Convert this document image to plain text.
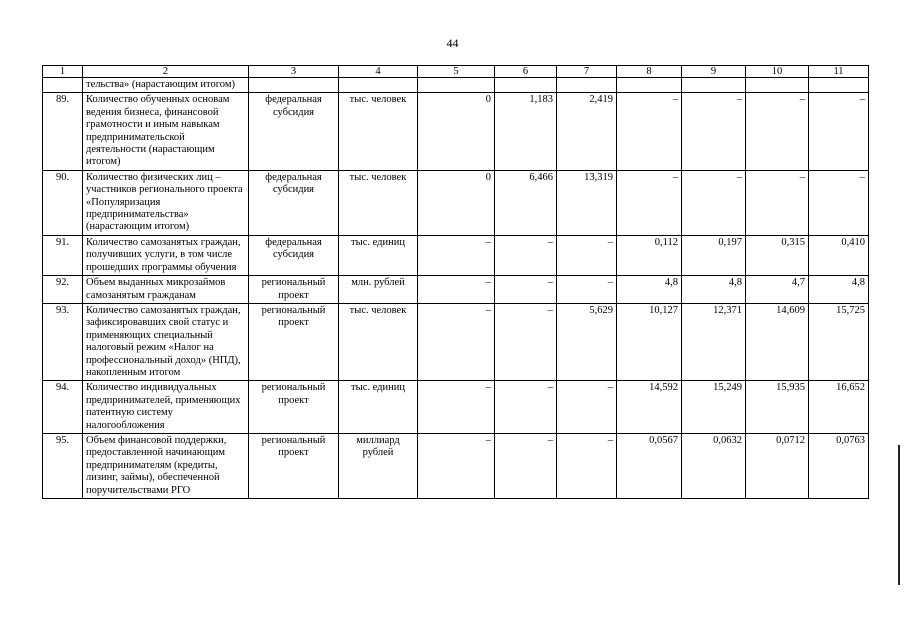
44
1	2	3	4	5	6	7	8	9	10	11
	тельства» (нарастающим итогом)									
89.	Количество обученных основам ведения бизнеса, финансовой грамотности и иным навыкам предпринимательской деятельности (нарастающим итогом)	федеральная субсидия	тыс. человек	0	1,183	2,419	–	–	–	–
90.	Количество физических лиц – участников регионального проекта «Популяризация предпринимательства» (нарастающим итогом)	федеральная субсидия	тыс. человек	0	6,466	13,319	–	–	–	–
91.	Количество самозанятых граждан, получивших услуги, в том числе прошедших программы обучения	федеральная субсидия	тыс. единиц	–	–	–	0,112	0,197	0,315	0,410
92.	Объем выданных микрозаймов самозанятым гражданам	региональный проект	млн. рублей	–	–	–	4,8	4,8	4,7	4,8
93.	Количество самозанятых граждан, зафиксировавших свой статус и применяющих специальный налоговый режим «Налог на профессиональный доход» (НПД), накопленным итогом	региональный проект	тыс. человек	–	–	5,629	10,127	12,371	14,609	15,725
94.	Количество индивидуальных предпринимателей, применяющих патентную систему налогообложения	региональный проект	тыс. единиц	–	–	–	14,592	15,249	15,935	16,652
95.	Объем финансовой поддержки, предоставленной начинающим предпринимателям (кредиты, лизинг, займы), обеспеченной поручительствами РГО	региональный проект	миллиард рублей	–	–	–	0,0567	0,0632	0,0712	0,0763
